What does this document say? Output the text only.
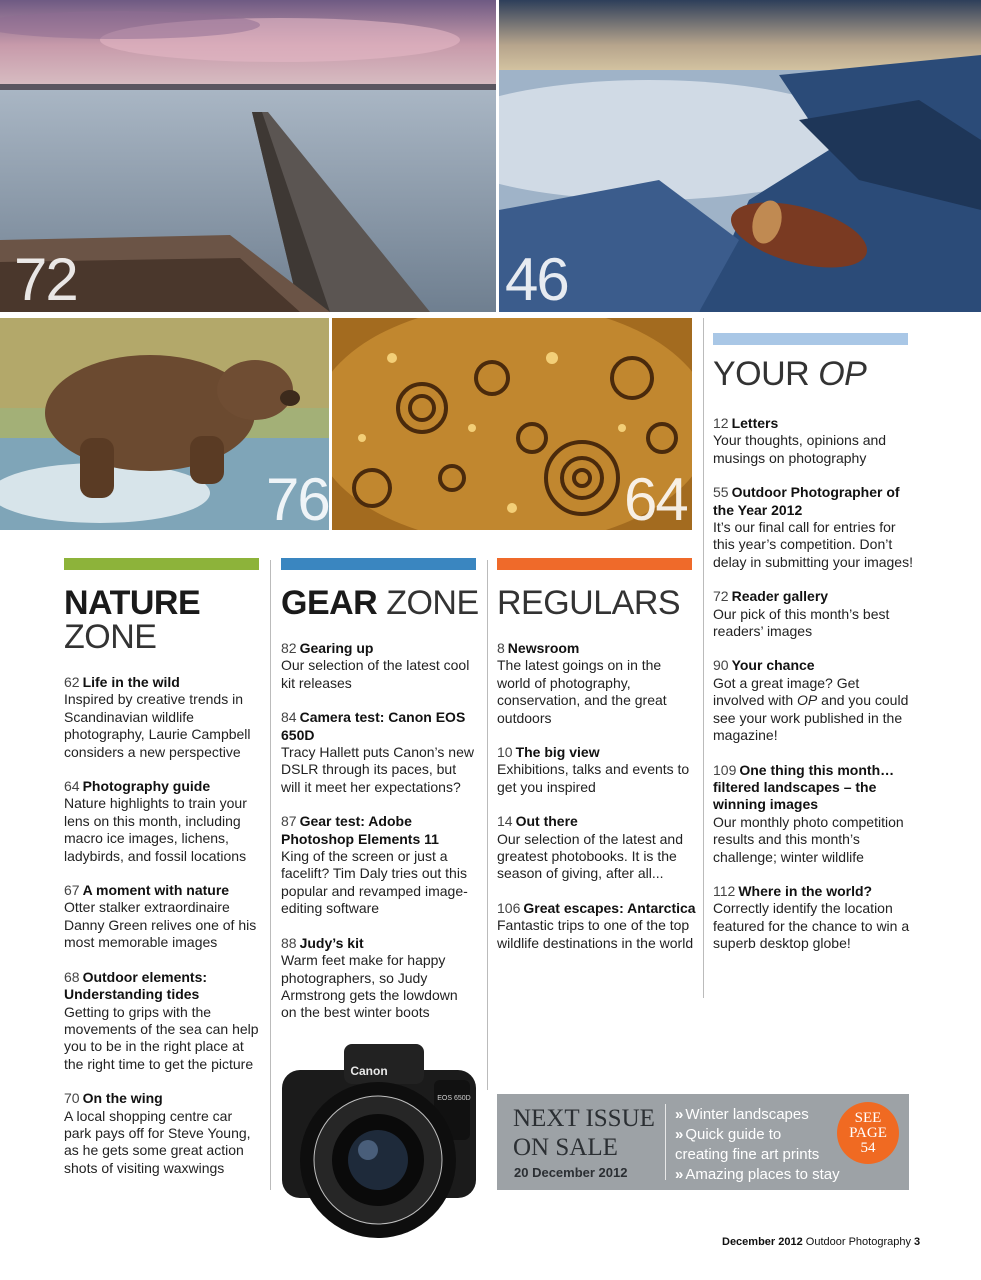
72	46
76	64
NATURE
ZONE
62 Life in the wild
Inspired by creative trends in Scandinavian wildlife photography, Laurie Campbell considers a new perspective
64 Photography guide
Nature highlights to train your lens on this month, including macro ice images, lichens, ladybirds, and fossil locations
67 A moment with nature
Otter stalker extraordinaire Danny Green relives one of his most memorable images
68 Outdoor elements: Understanding tides
Getting to grips with the movements of the sea can help you to be in the right place at the right time to get the picture
70 On the wing
A local shopping centre car park pays off for Steve Young, as he gets some great action shots of visiting waxwings
GEAR ZONE
82 Gearing up
Our selection of the latest cool kit releases
84 Camera test: Canon EOS 650D
Tracy Hallett puts Canon’s new DSLR through its paces, but will it meet her expectations?
87 Gear test: Adobe Photoshop Elements 11
King of the screen or just a facelift? Tim Daly tries out this popular and revamped image-editing software
88 Judy’s kit
Warm feet make for happy photographers, so Judy Armstrong gets the lowdown on the best winter boots
REGULARS
8 Newsroom
The latest goings on in the world of photography, conservation, and the great outdoors
10 The big view
Exhibitions, talks and events to get you inspired
14 Out there
Our selection of the latest and greatest photobooks. It is the season of giving, after all...
106 Great escapes: Antarctica
Fantastic trips to one of the top wildlife destinations in the world
YOUR OP
12 Letters
Your thoughts, opinions and musings on photography
55 Outdoor Photographer of the Year 2012
It’s our final call for entries for this year’s competition. Don’t delay in submitting your images!
72 Reader gallery
Our pick of this month’s best readers’ images
90 Your chance
Got a great image? Get involved with OP and you could see your work published in the magazine!
109 One thing this month… filtered landscapes – the winning images
Our monthly photo competition results and this month’s challenge; winter wildlife
112 Where in the world?
Correctly identify the location featured for the chance to win a superb desktop globe!
Canon
EOS 650D
NEXT ISSUE ON SALE
20 December 2012
» Winter landscapes
» Quick guide to creating fine art prints
» Amazing places to stay
SEE
PAGE
54
December 2012 Outdoor Photography 3
